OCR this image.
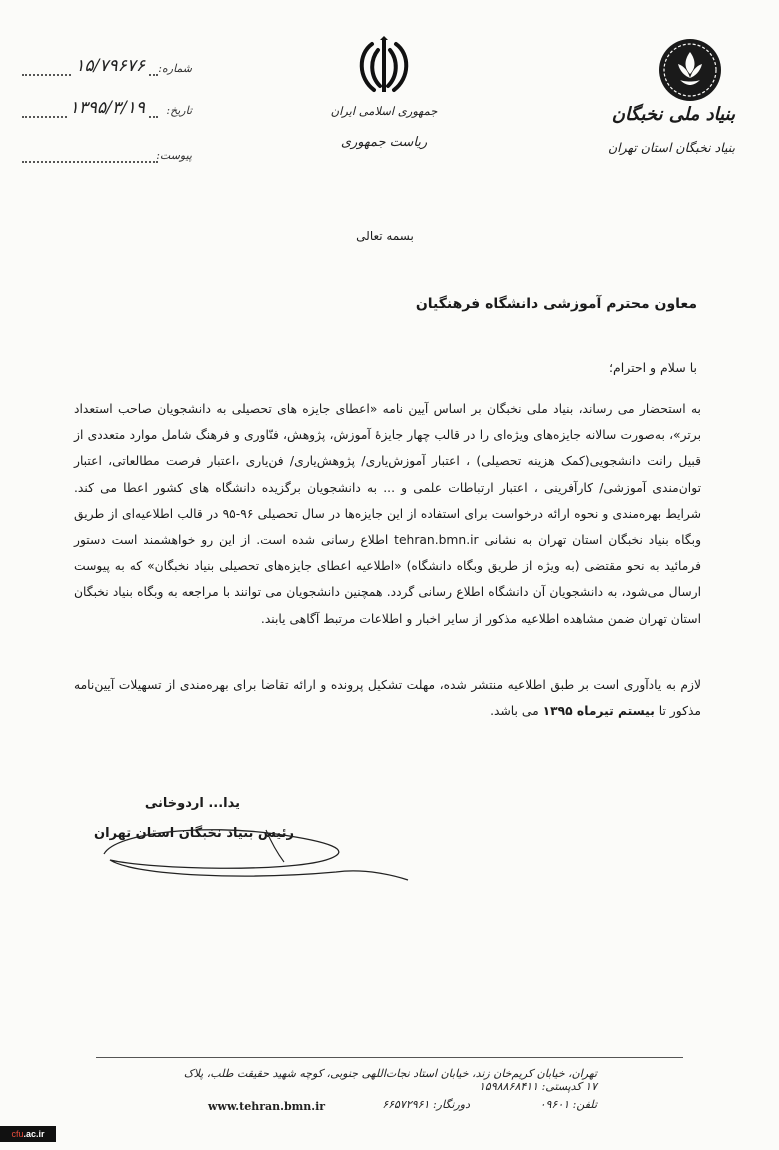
شماره:
۱۵/۷۹۶۷۶
تاریخ:
۱۳۹۵/۳/۱۹
پیوست:
جمهوری اسلامی ایران
ریاست جمهوری
بنیاد ملی نخبگان
بنیاد نخبگان استان تهران
بسمه تعالی
معاون محترم آموزشی دانشگاه فرهنگیان
با سلام و احترام؛
به استحضار می رساند، بنیاد ملی نخبگان بر اساس آیین نامه «اعطای جایزه های تحصیلی به دانشجویان صاحب استعداد برتر»، به‌صورت سالانه جایزه‌های ویژه‌ای را در قالب چهار جایزهٔ آموزش، پژوهش، فنّاوری و فرهنگ شامل موارد متعددی از قبیل رانت دانشجویی(کمک هزینه تحصیلی) ، اعتبار آموزش‌یاری/ پژوهش‌یاری/ فن‌یاری ،اعتبار فرصت مطالعاتی، اعتبار توان‌مندی آموزشی/ کارآفرینی ، اعتبار ارتباطات علمی و ... به دانشجویان برگزیده دانشگاه های کشور اعطا می کند. شرایط بهره‌مندی و نحوه ارائه درخواست برای استفاده از این جایزه‌ها در سال تحصیلی ۹۶-۹۵ در قالب اطلاعیه‌ای از طریق وبگاه بنیاد نخبگان استان تهران به نشانی tehran.bmn.ir اطلاع رسانی شده است. از این رو خواهشمند است دستور فرمائید به نحو مقتضی (به ویژه از طریق وبگاه دانشگاه) «اطلاعیه اعطای جایزه‌های تحصیلی بنیاد نخبگان» که به پیوست ارسال می‌شود، به دانشجویان آن دانشگاه اطلاع رسانی گردد. همچنین دانشجویان می توانند با مراجعه به وبگاه بنیاد نخبگان استان تهران ضمن مشاهده اطلاعیه مذکور از سایر اخبار و اطلاعات مرتبط آگاهی یابند.
لازم به یادآوری است بر طبق اطلاعیه منتشر شده، مهلت تشکیل پرونده و ارائه تقاضا برای بهره‌مندی از تسهیلات آیین‌نامه مذکور تا بیستم تیرماه ۱۳۹۵ می باشد.
یدا... اردوخانی
رئیس بنیاد نخبگان استان تهران
تهران، خیابان کریم‌خان زند، خیابان استاد نجات‌اللهی جنوبی، کوچه شهید حقیقت طلب، پلاک ۱۷ کدپستی: ۱۵۹۸۸۶۸۴۱۱
تلفن: ۰۹۶۰۱
دورنگار: ۶۶۵۷۲۹۶۱
www.tehran.bmn.ir
cfu.ac.ir
